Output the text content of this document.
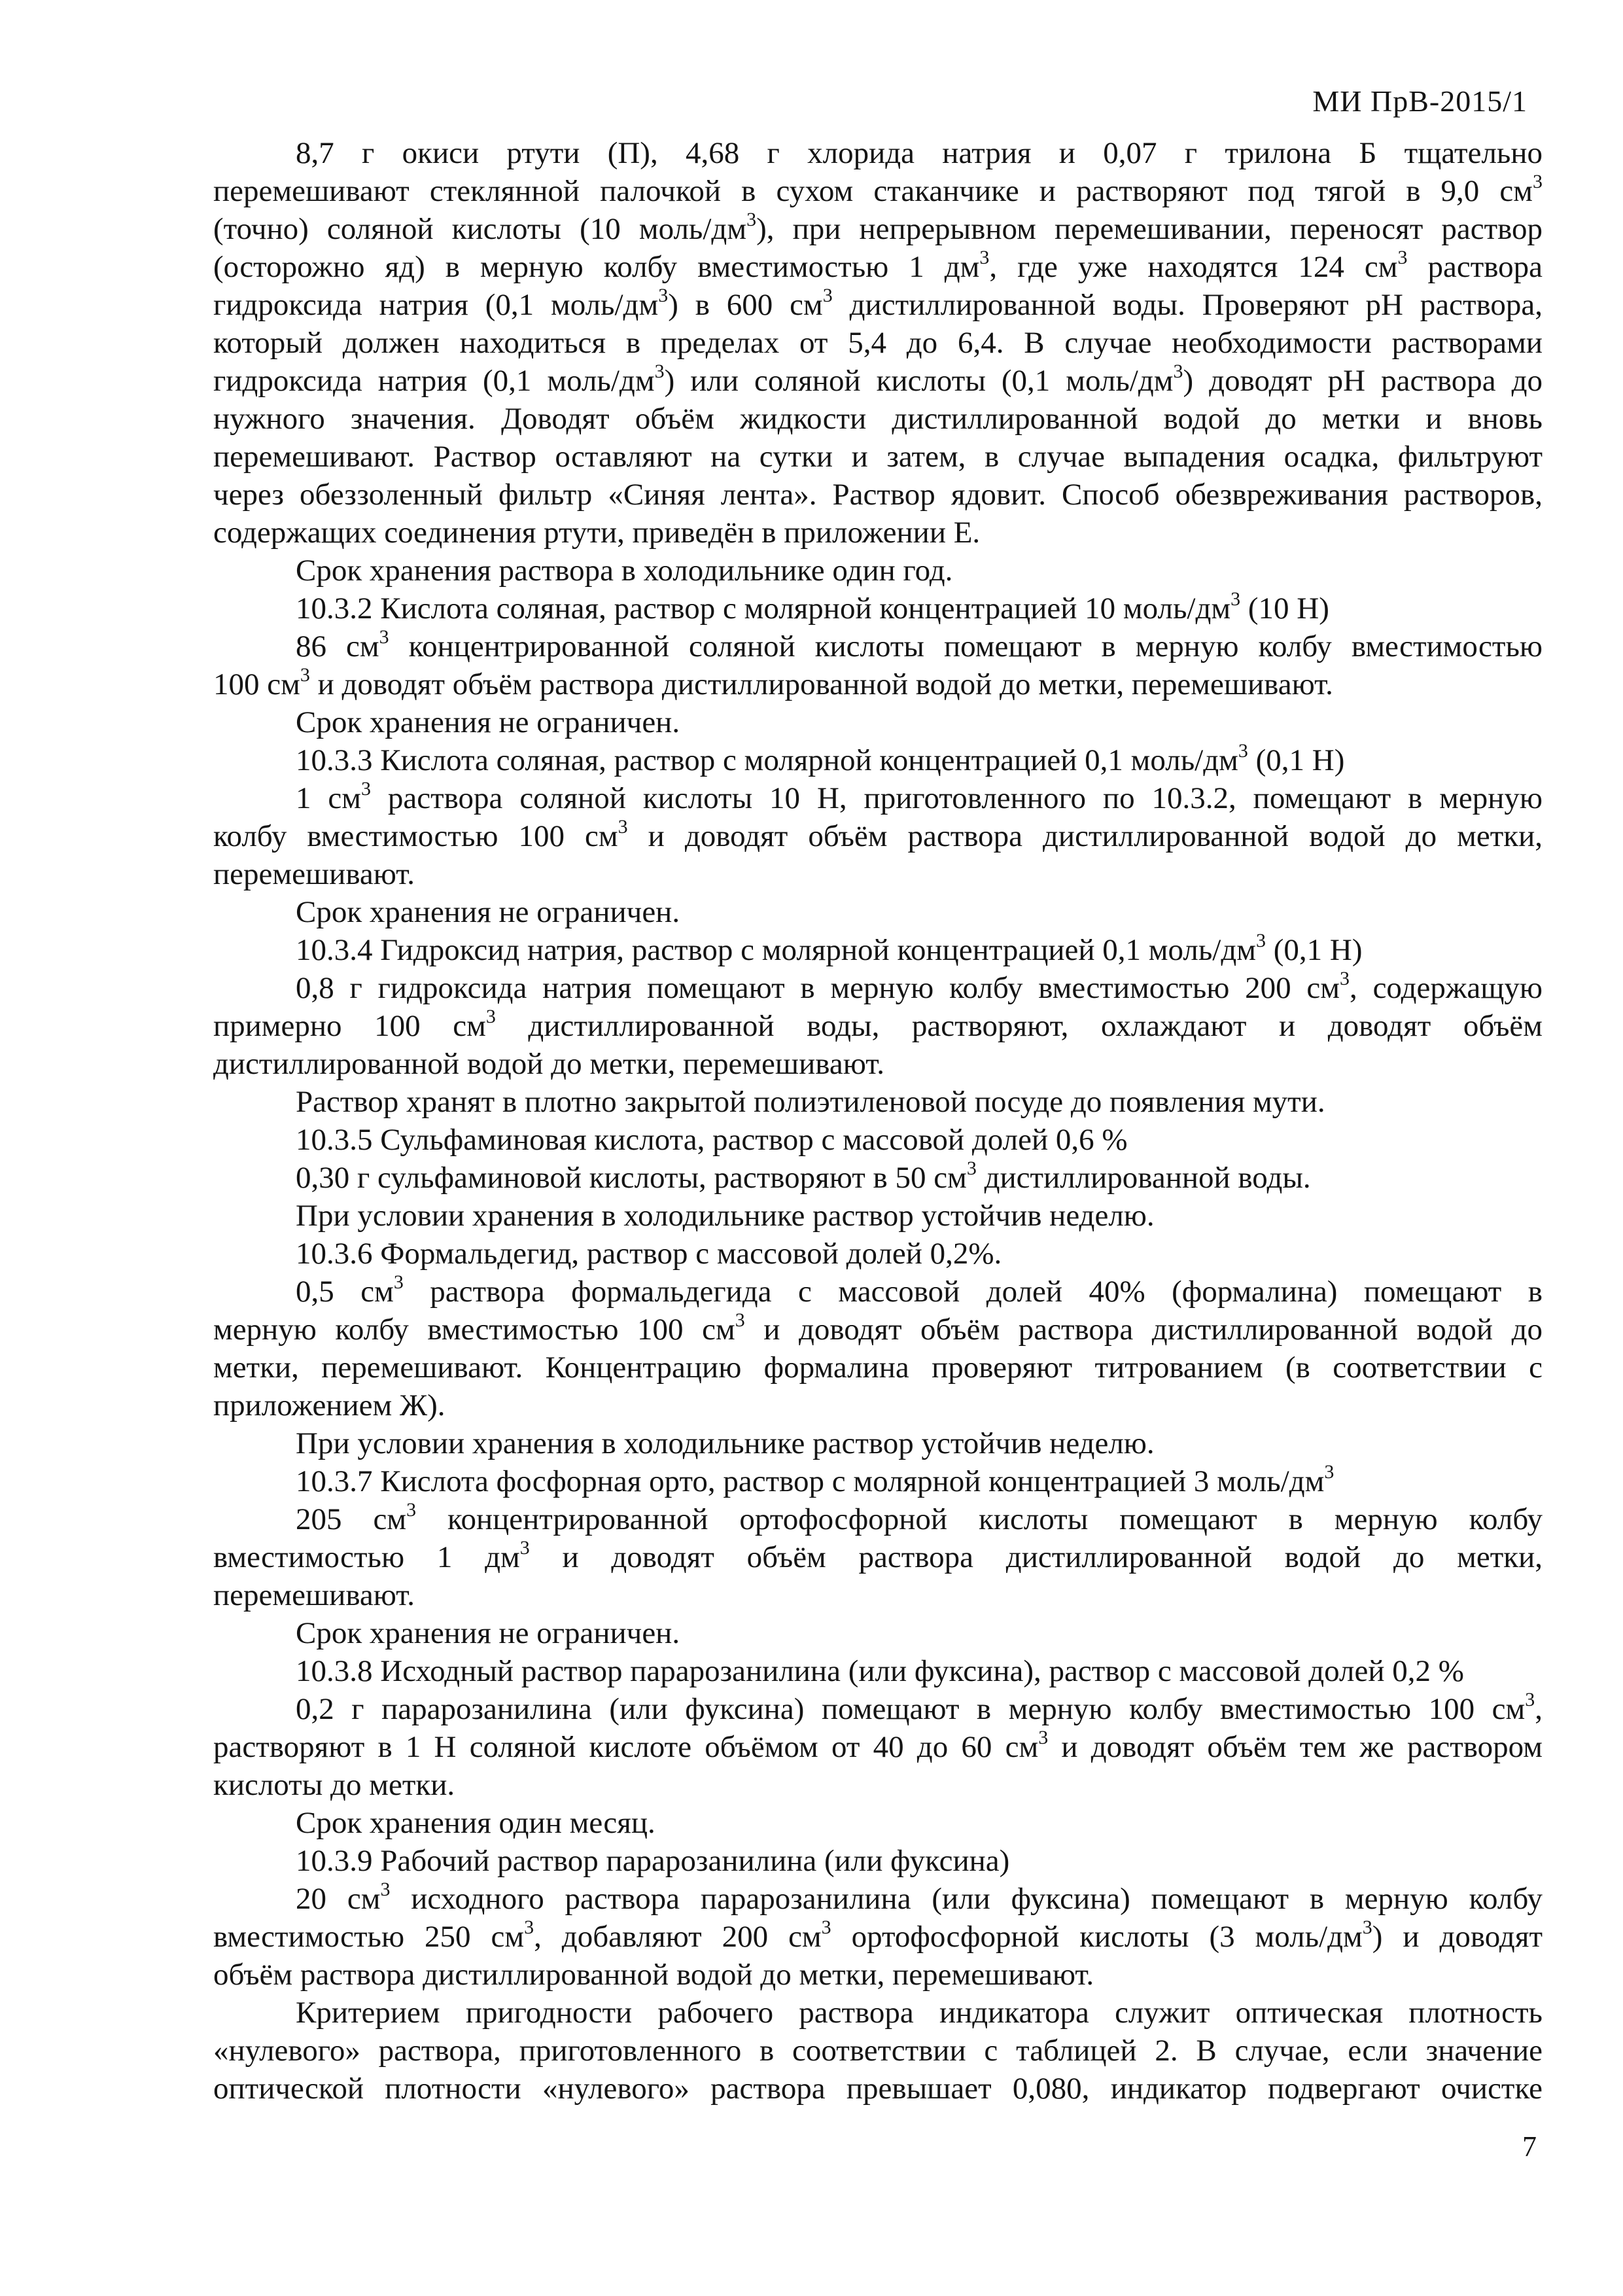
МИ ПрВ-2015/1

8,7 г окиси ртути (П), 4,68 г хлорида натрия и 0,07 г трилона Б тщательно

перемешивают стеклянной палочкой в сухом стаканчике и растворяют под тягой в 9,0 $см^3$

(точно) соляной кислоты (10 моль/$дм^3$), при непрерывном перемешивании, переносят раствор

(осторожно яд) в мерную колбу вместимостью 1 $дм^3$, где уже находятся 124 $см^3$ раствора

гидроксида натрия (0,1 моль/$дм^3$) в 600 $см^3$ дистиллированной воды. Проверяют pH раствора,

который должен находиться в пределах от 5,4 до 6,4. В случае необходимости растворами

гидроксида натрия (0,1 моль/$дм^3$) или соляной кислоты (0,1 моль/$дм^3$) доводят pH раствора до

нужного значения. Доводят объём жидкости дистиллированной водой до метки и вновь

перемешивают. Раствор оставляют на сутки и затем, в случае выпадения осадка, фильтруют

через обеззоленный фильтр «Синяя лента». Раствор ядовит. Способ обезвреживания растворов,

содержащих соединения ртути, приведён в приложении Е.

Срок хранения раствора в холодильнике один год.

10.3.2 Кислота соляная, раствор с молярной концентрацией 10 моль/$дм^3$ (10 Н)

86 $см^3$ концентрированной соляной кислоты помещают в мерную колбу вместимостью

100 $см^3$ и доводят объём раствора дистиллированной водой до метки, перемешивают.

Срок хранения не ограничен.

10.3.3 Кислота соляная, раствор с молярной концентрацией 0,1 моль/$дм^3$ (0,1 Н)

1 $см^3$ раствора соляной кислоты 10 Н, приготовленного по 10.3.2, помещают в мерную

колбу вместимостью 100 $см^3$ и доводят объём раствора дистиллированной водой до метки,

перемешивают.

Срок хранения не ограничен.

10.3.4 Гидроксид натрия, раствор с молярной концентрацией 0,1 моль/$дм^3$ (0,1 Н)

0,8 г гидроксида натрия помещают в мерную колбу вместимостью 200 $см^3$, содержащую

примерно 100 $см^3$ дистиллированной воды, растворяют, охлаждают и доводят объём

дистиллированной водой до метки, перемешивают.

Раствор хранят в плотно закрытой полиэтиленовой посуде до появления мути.

10.3.5 Сульфаминовая кислота, раствор с массовой долей 0,6 %

0,30 г сульфаминовой кислоты, растворяют в 50 $см^3$ дистиллированной воды.

При условии хранения в холодильнике раствор устойчив неделю.

10.3.6 Формальдегид, раствор с массовой долей 0,2%.

0,5 $см^3$ раствора формальдегида с массовой долей 40% (формалина) помещают в

мерную колбу вместимостью 100 $см^3$ и доводят объём раствора дистиллированной водой до

метки, перемешивают. Концентрацию формалина проверяют титрованием (в соответствии с

приложением Ж).

При условии хранения в холодильнике раствор устойчив неделю.

10.3.7 Кислота фосфорная орто, раствор с молярной концентрацией 3 моль/$дм^3$

205 $см^3$ концентрированной ортофосфорной кислоты помещают в мерную колбу

вместимостью 1 $дм^3$ и доводят объём раствора дистиллированной водой до метки,

перемешивают.

Срок хранения не ограничен.

10.3.8 Исходный раствор парарозанилина (или фуксина), раствор с массовой долей 0,2 %

0,2 г парарозанилина (или фуксина) помещают в мерную колбу вместимостью 100 $см^3$,

растворяют в 1 Н соляной кислоте объёмом от 40 до 60 $см^3$ и доводят объём тем же раствором

кислоты до метки.

Срок хранения один месяц.

10.3.9 Рабочий раствор парарозанилина (или фуксина)

20 $см^3$ исходного раствора парарозанилина (или фуксина) помещают в мерную колбу

вместимостью 250 $см^3$, добавляют 200 $см^3$ ортофосфорной кислоты (3 моль/$дм^3$) и доводят

объём раствора дистиллированной водой до метки, перемешивают.

Критерием пригодности рабочего раствора индикатора служит оптическая плотность

«нулевого» раствора, приготовленного в соответствии с таблицей 2. В случае, если значение

оптической плотности «нулевого» раствора превышает 0,080, индикатор подвергают очистке

7
